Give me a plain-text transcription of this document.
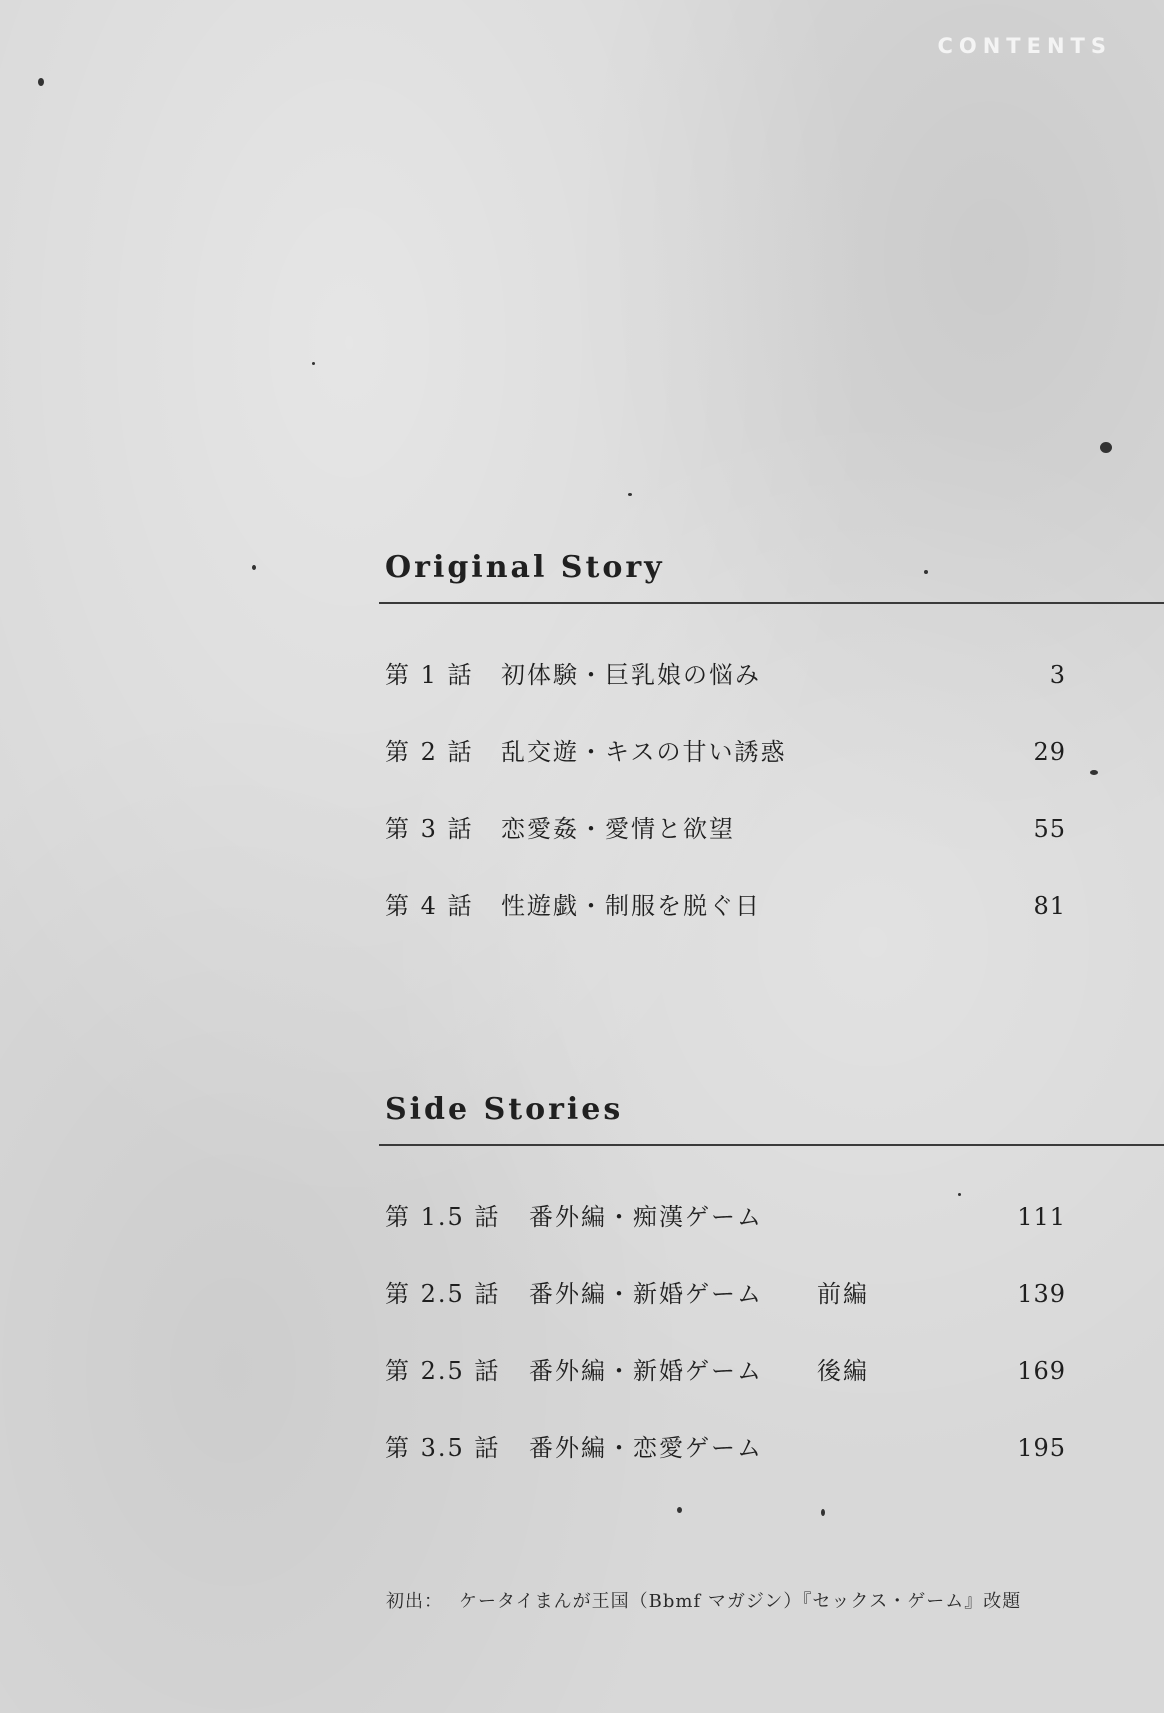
CONTENTS
Original Story
第 1 話 初体験・巨乳娘の悩み	3
第 2 話 乱交遊・キスの甘い誘惑	29
第 3 話 恋愛姦・愛情と欲望	55
第 4 話 性遊戯・制服を脱ぐ日	81
Side Stories
第 1.5 話 番外編・痴漢ゲーム	111
第 2.5 話 番外編・新婚ゲーム 前編	139
第 2.5 話 番外編・新婚ゲーム 後編	169
第 3.5 話 番外編・恋愛ゲーム	195
初出： ケータイまんが王国（Bbmf マガジン）『セックス・ゲーム』改題
